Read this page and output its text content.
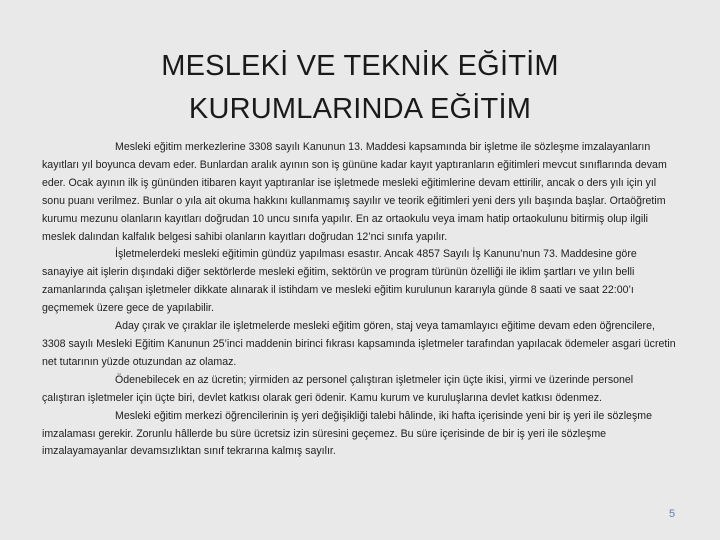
MESLEKİ VE TEKNİK EĞİTİM
KURUMLARINDA EĞİTİM

Mesleki eğitim merkezlerine 3308 sayılı Kanunun 13. Maddesi kapsamında bir işletme ile sözleşme imzalayanların kayıtları yıl boyunca devam eder. Bunlardan aralık ayının son iş gününe kadar kayıt yaptıranların eğitimleri mevcut sınıflarında devam eder. Ocak ayının ilk iş gününden itibaren kayıt yaptıranlar ise işletmede mesleki eğitimlerine devam ettirilir, ancak o ders yılı için yıl sonu puanı verilmez. Bunlar o yıla ait okuma hakkını kullanmamış sayılır ve teorik eğitimleri yeni ders yılı başında başlar. Ortaöğretim kurumu mezunu olanların kayıtları doğrudan 10 uncu sınıfa yapılır. En az ortaokulu veya imam hatip ortaokulunu bitirmiş olup ilgili meslek dalından kalfalık belgesi sahibi olanların kayıtları doğrudan 12’nci sınıfa yapılır.

İşletmelerdeki mesleki eğitimin gündüz yapılması esastır. Ancak 4857 Sayılı İş Kanunu’nun 73. Maddesine göre sanayiye ait işlerin dışındaki diğer sektörlerde mesleki eğitim, sektörün ve program türünün özelliği ile iklim şartları ve yılın belli zamanlarında çalışan işletmeler dikkate alınarak il istihdam ve mesleki eğitim kurulunun kararıyla günde 8 saati ve saat 22:00’ı geçmemek üzere gece de yapılabilir.

Aday çırak ve çıraklar ile işletmelerde mesleki eğitim gören, staj veya tamamlayıcı eğitime devam eden öğrencilere, 3308 sayılı Mesleki Eğitim Kanunun 25’inci maddenin birinci fıkrası kapsamında işletmeler tarafından yapılacak ödemeler asgari ücretin net tutarının yüzde otuzundan az olamaz.

Ödenebilecek en az ücretin; yirmiden az personel çalıştıran işletmeler için üçte ikisi, yirmi ve üzerinde personel çalıştıran işletmeler için üçte biri, devlet katkısı olarak geri ödenir. Kamu kurum ve kuruluşlarına devlet katkısı ödenmez.

Mesleki eğitim merkezi öğrencilerinin iş yeri değişikliği talebi hâlinde, iki hafta içerisinde yeni bir iş yeri ile sözleşme imzalaması gerekir. Zorunlu hâllerde bu süre ücretsiz izin süresini geçemez. Bu süre içerisinde de bir iş yeri ile sözleşme imzalayamayanlar devamsızlıktan sınıf tekrarına kalmış sayılır.

5
